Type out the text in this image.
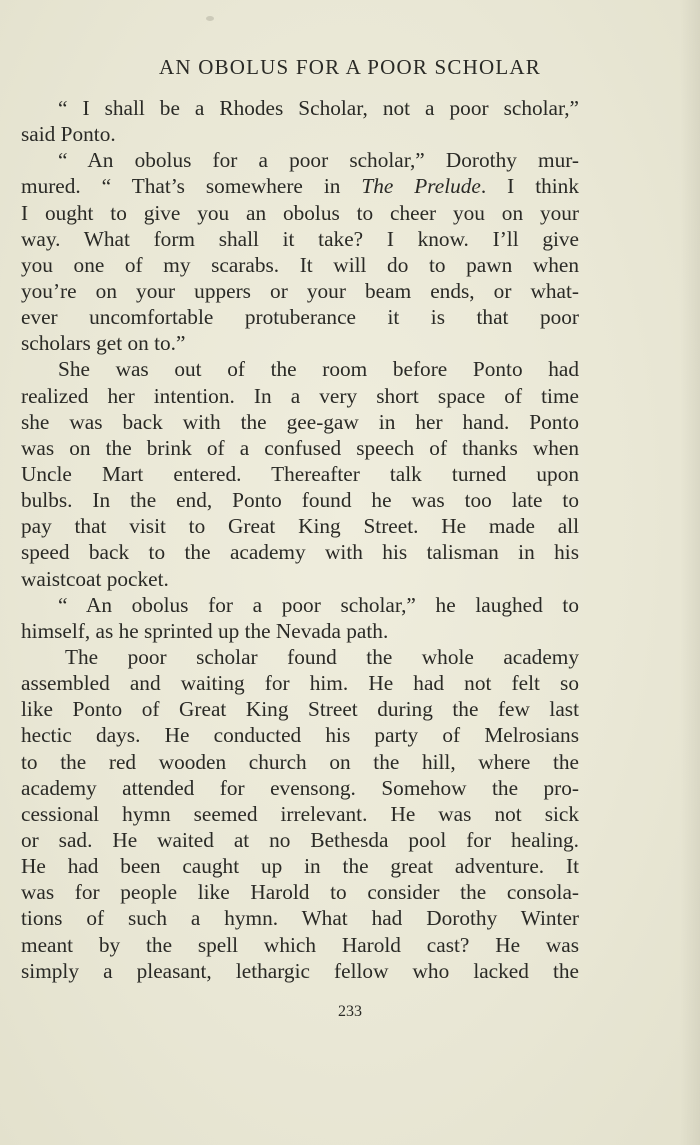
AN OBOLUS FOR A POOR SCHOLAR
“ I shall be a Rhodes Scholar, not a poor scholar,”
said Ponto.
“ An obolus for a poor scholar,” Dorothy mur-
mured. “ That’s somewhere in The Prelude. I think
I ought to give you an obolus to cheer you on your
way. What form shall it take? I know. I’ll give
you one of my scarabs. It will do to pawn when
you’re on your uppers or your beam ends, or what-
ever uncomfortable protuberance it is that poor
scholars get on to.”
She was out of the room before Ponto had
realized her intention. In a very short space of time
she was back with the gee-gaw in her hand. Ponto
was on the brink of a confused speech of thanks when
Uncle Mart entered. Thereafter talk turned upon
bulbs. In the end, Ponto found he was too late to
pay that visit to Great King Street. He made all
speed back to the academy with his talisman in his
waistcoat pocket.
“ An obolus for a poor scholar,” he laughed to
himself, as he sprinted up the Nevada path.
The poor scholar found the whole academy
assembled and waiting for him. He had not felt so
like Ponto of Great King Street during the few last
hectic days. He conducted his party of Melrosians
to the red wooden church on the hill, where the
academy attended for evensong. Somehow the pro-
cessional hymn seemed irrelevant. He was not sick
or sad. He waited at no Bethesda pool for healing.
He had been caught up in the great adventure. It
was for people like Harold to consider the consola-
tions of such a hymn. What had Dorothy Winter
meant by the spell which Harold cast? He was
simply a pleasant, lethargic fellow who lacked the
233
